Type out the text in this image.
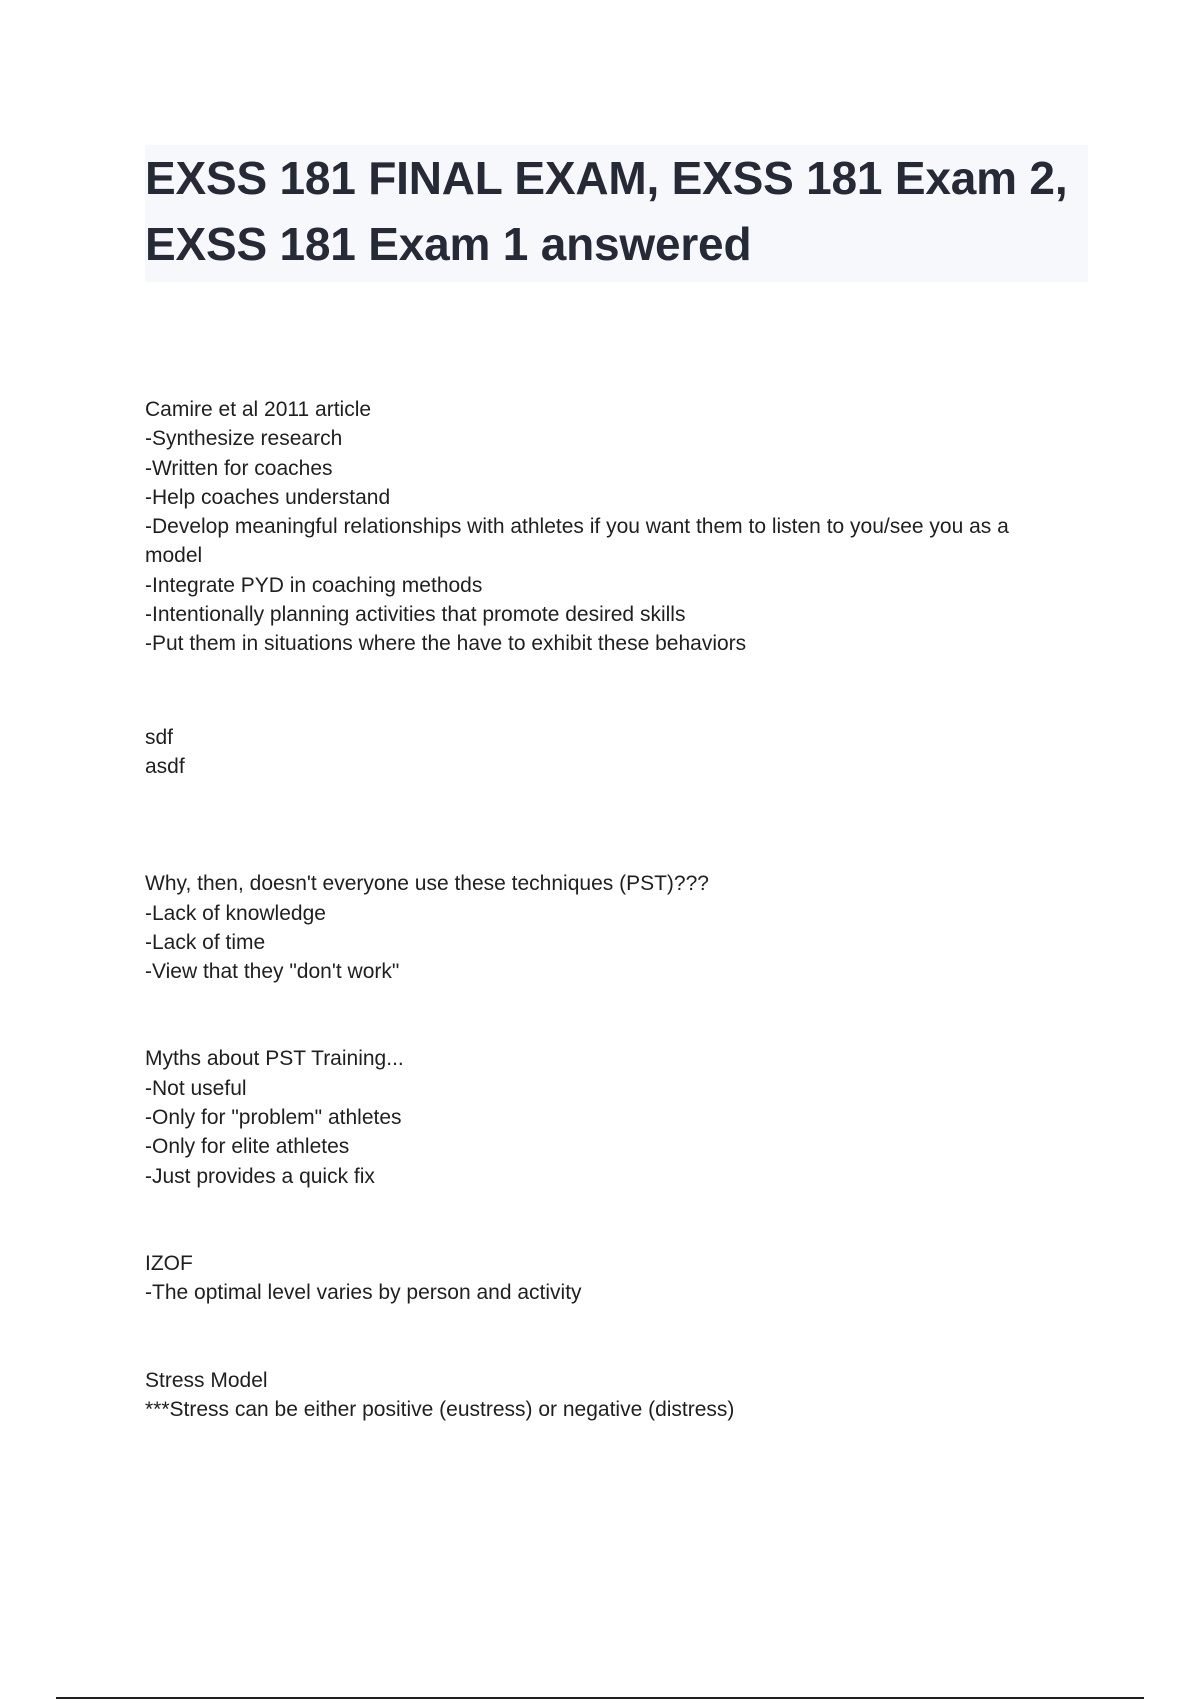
EXSS 181 FINAL EXAM, EXSS 181 Exam 2,
EXSS 181 Exam 1 answered
Camire et al 2011 article
-Synthesize research
-Written for coaches
-Help coaches understand
-Develop meaningful relationships with athletes if you want them to listen to you/see you as a
model
-Integrate PYD in coaching methods
-Intentionally planning activities that promote desired skills
-Put them in situations where the have to exhibit these behaviors
sdf
asdf
Why, then, doesn't everyone use these techniques (PST)???
-Lack of knowledge
-Lack of time
-View that they "don't work"
Myths about PST Training...
-Not useful
-Only for "problem" athletes
-Only for elite athletes
-Just provides a quick fix
IZOF
-The optimal level varies by person and activity
Stress Model
***Stress can be either positive (eustress) or negative (distress)
